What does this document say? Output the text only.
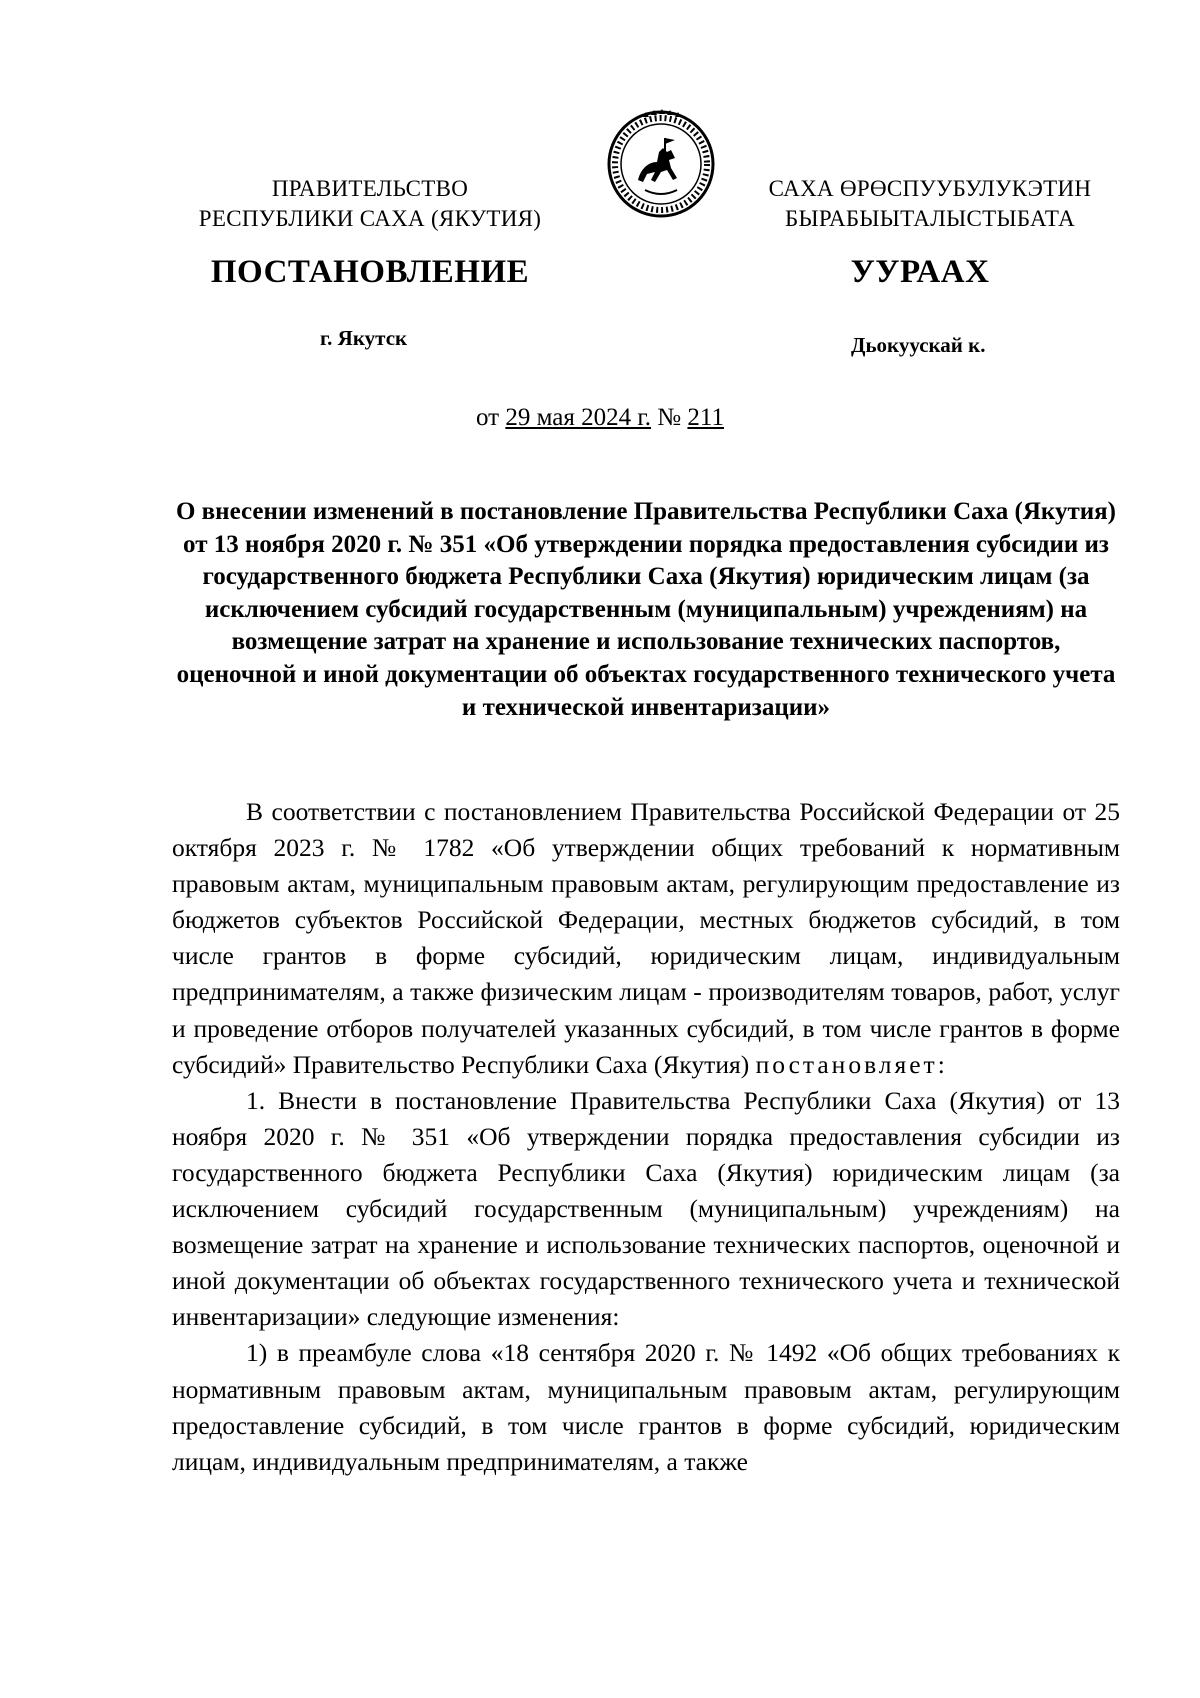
ПРАВИТЕЛЬСТВО
РЕСПУБЛИКИ САХА (ЯКУТИЯ)
САХА ӨРӨСПУУБУЛУКЭТИН
БЫРАБЫЫТАЛЫСТЫБАТА
ПОСТАНОВЛЕНИЕ	УУРААХ
г. Якутск	Дьокуускай к.
от 29 мая 2024 г. № 211
О внесении изменений в постановление Правительства Республики Саха (Якутия) от 13 ноября 2020 г. № 351 «Об утверждении порядка предоставления субсидии из государственного бюджета Республики Саха (Якутия) юридическим лицам (за исключением субсидий государственным (муниципальным) учреждениям) на возмещение затрат на хранение и использование технических паспортов, оценочной и иной документации об объектах государственного технического учета и технической инвентаризации»

В соответствии с постановлением Правительства Российской Федерации от 25 октября 2023 г. № 1782 «Об утверждении общих требований к нормативным правовым актам, муниципальным правовым актам, регулирующим предоставление из бюджетов субъектов Российской Федерации, местных бюджетов субсидий, в том числе грантов в форме субсидий, юридическим лицам, индивидуальным предпринимателям, а также физическим лицам - производителям товаров, работ, услуг и проведение отборов получателей указанных субсидий, в том числе грантов в форме субсидий» Правительство Республики Саха (Якутия) постановляет:

1. Внести в постановление Правительства Республики Саха (Якутия) от 13 ноября 2020 г. № 351 «Об утверждении порядка предоставления субсидии из государственного бюджета Республики Саха (Якутия) юридическим лицам (за исключением субсидий государственным (муниципальным) учреждениям) на возмещение затрат на хранение и использование технических паспортов, оценочной и иной документации об объектах государственного технического учета и технической инвентаризации» следующие изменения:

1) в преамбуле слова «18 сентября 2020 г. № 1492 «Об общих требованиях к нормативным правовым актам, муниципальным правовым актам, регулирующим предоставление субсидий, в том числе грантов в форме субсидий, юридическим лицам, индивидуальным предпринимателям, а также
